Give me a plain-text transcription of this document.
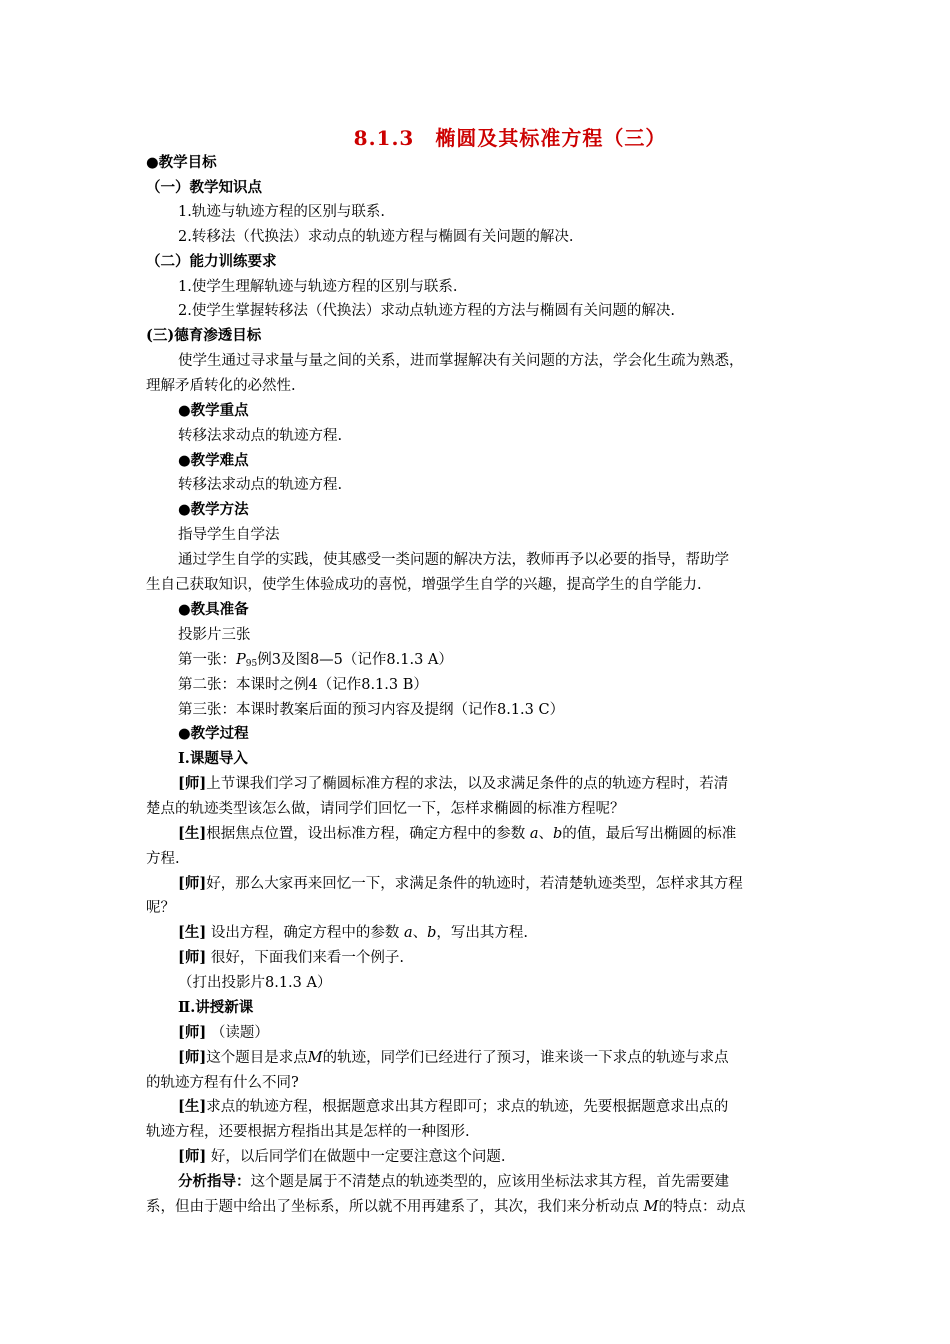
8.1.3　椭圆及其标准方程（三）
●教学目标
（一）教学知识点
1.轨迹与轨迹方程的区别与联系.
2.转移法（代换法）求动点的轨迹方程与椭圆有关问题的解决.
（二）能力训练要求
1.使学生理解轨迹与轨迹方程的区别与联系.
2.使学生掌握转移法（代换法）求动点轨迹方程的方法与椭圆有关问题的解决.
(三)德育渗透目标
使学生通过寻求量与量之间的关系，进而掌握解决有关问题的方法，学会化生疏为熟悉，
理解矛盾转化的必然性.
●教学重点
转移法求动点的轨迹方程.
●教学难点
转移法求动点的轨迹方程.
●教学方法
指导学生自学法
通过学生自学的实践，使其感受一类问题的解决方法，教师再予以必要的指导，帮助学
生自己获取知识，使学生体验成功的喜悦，增强学生自学的兴趣，提高学生的自学能力.
●教具准备
投影片三张
第一张：$P_{95}$例3及图8—5（记作8.1.3 A）
第二张：本课时之例4（记作8.1.3 B）
第三张：本课时教案后面的预习内容及提纲（记作8.1.3 C）
●教学过程
Ⅰ.课题导入
[师]上节课我们学习了椭圆标准方程的求法，以及求满足条件的点的轨迹方程时，若清
楚点的轨迹类型该怎么做，请同学们回忆一下，怎样求椭圆的标准方程呢？
[生]根据焦点位置，设出标准方程，确定方程中的参数 a、b的值，最后写出椭圆的标准
方程.
[师]好，那么大家再来回忆一下，求满足条件的轨迹时，若清楚轨迹类型，怎样求其方程
呢？
[生] 设出方程，确定方程中的参数 a、b，写出其方程.
[师] 很好，下面我们来看一个例子.
（打出投影片8.1.3 A）
Ⅱ.讲授新课
[师] （读题）
[师]这个题目是求点M的轨迹，同学们已经进行了预习，谁来谈一下求点的轨迹与求点
的轨迹方程有什么不同?
[生]求点的轨迹方程，根据题意求出其方程即可；求点的轨迹，先要根据题意求出点的
轨迹方程，还要根据方程指出其是怎样的一种图形.
[师] 好，以后同学们在做题中一定要注意这个问题.
分析指导：这个题是属于不清楚点的轨迹类型的，应该用坐标法求其方程，首先需要建
系，但由于题中给出了坐标系，所以就不用再建系了，其次，我们来分析动点 M的特点：动点
